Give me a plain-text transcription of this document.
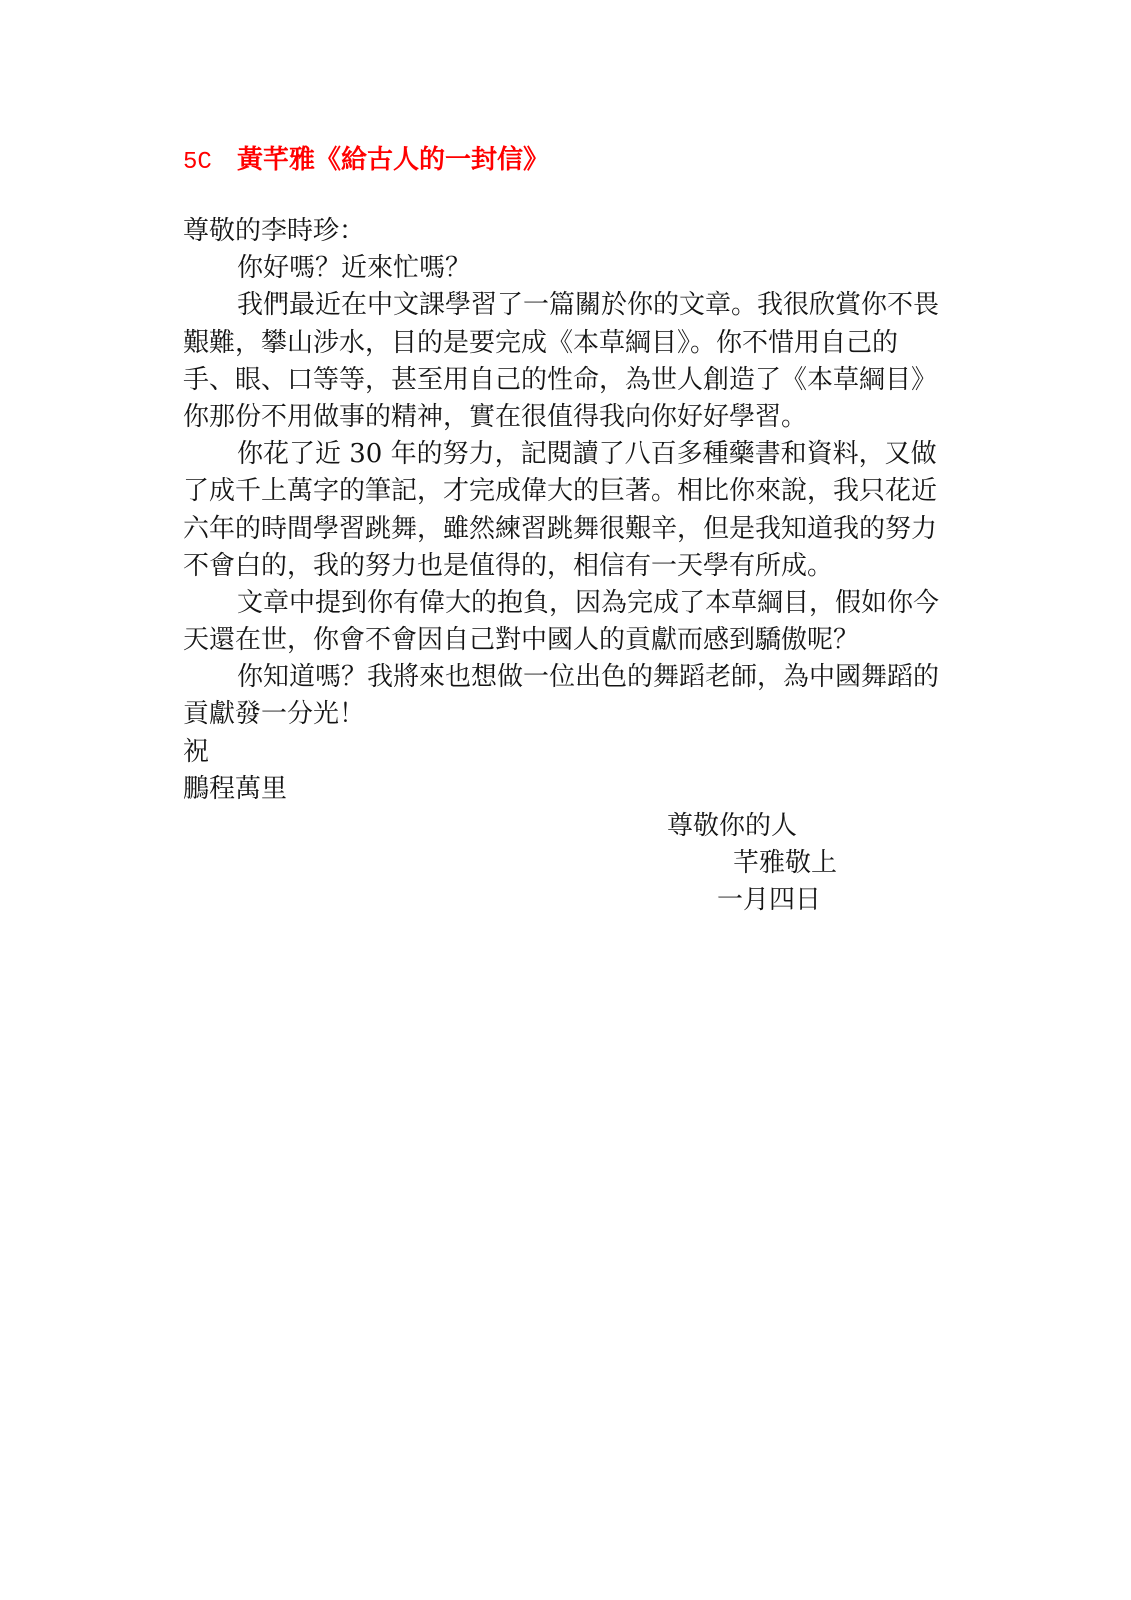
5C 黃芊雅《給古人的一封信》
尊敬的李時珍：
你好嗎？近來忙嗎？
我們最近在中文課學習了一篇關於你的文章。我很欣賞你不畏
艱難，攀山涉水，目的是要完成《本草綱目》。你不惜用自己的
手、眼、口等等，甚至用自己的性命，為世人創造了《本草綱目》
你那份不用做事的精神，實在很值得我向你好好學習。
你花了近 30 年的努力，記閱讀了八百多種藥書和資料，又做
了成千上萬字的筆記，才完成偉大的巨著。相比你來說，我只花近
六年的時間學習跳舞，雖然練習跳舞很艱辛，但是我知道我的努力
不會白的，我的努力也是值得的，相信有一天學有所成。
文章中提到你有偉大的抱負，因為完成了本草綱目，假如你今
天還在世，你會不會因自己對中國人的貢獻而感到驕傲呢？
你知道嗎？我將來也想做一位出色的舞蹈老師，為中國舞蹈的
貢獻發一分光！
祝
鵬程萬里
尊敬你的人
芊雅敬上
一月四日
